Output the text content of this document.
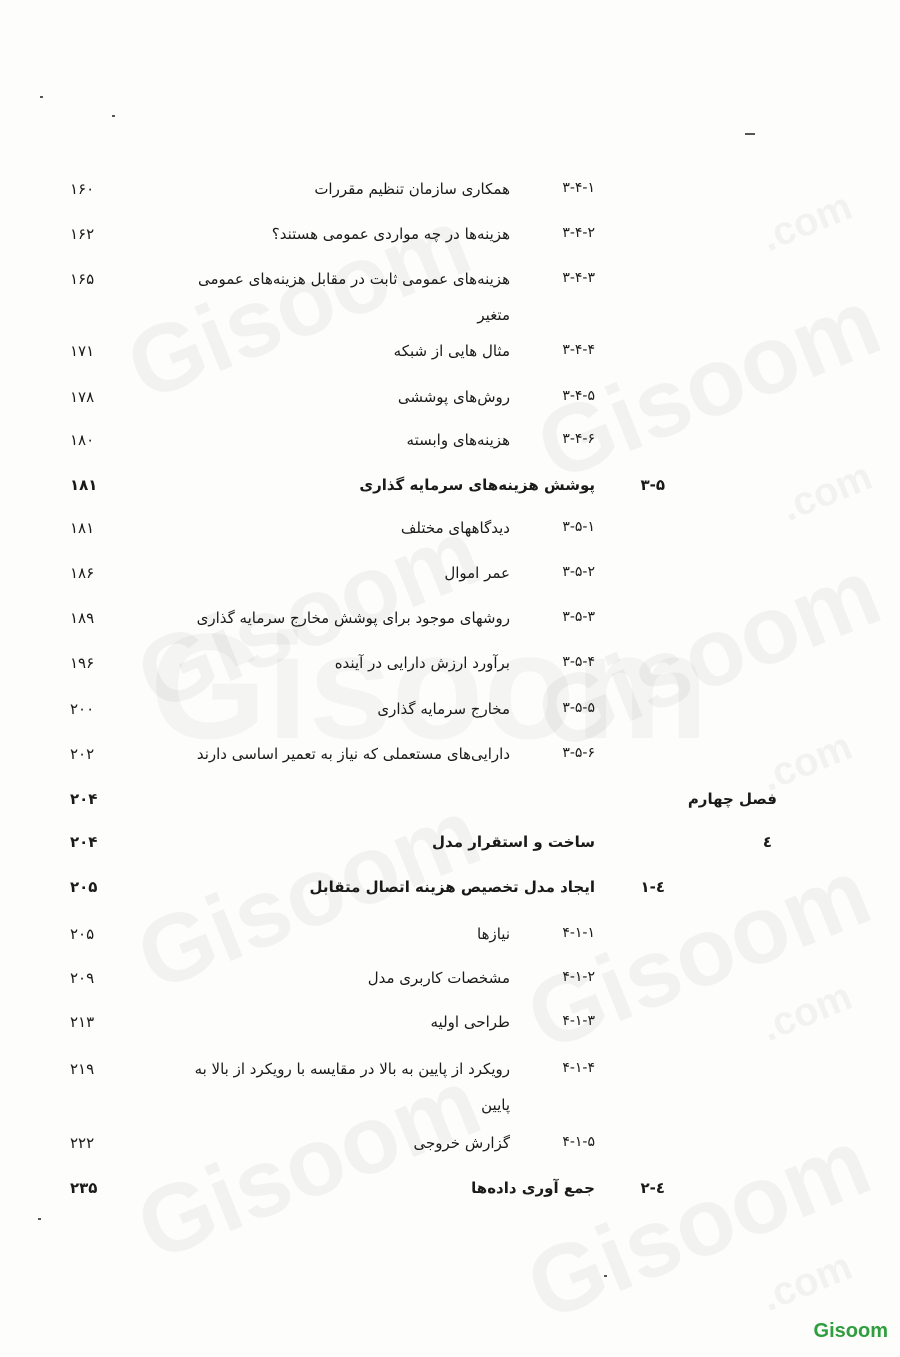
۱۶۰	همکاری سازمان تنظیم مقررات	۳-۴-۱
۱۶۲	هزینه‌ها در چه مواردی عمومی هستند؟	۳-۴-۲
۱۶۵	هزینه‌های عمومی ثابت در مقابل هزینه‌های عمومی	۳-۴-۳
متغیر
۱۷۱	مثال هایی از شبکه	۳-۴-۴
۱۷۸	روش‌های پوششی	۳-۴-۵
۱۸۰	هزینه‌های وابسته	۳-۴-۶
۱۸۱	پوشش هزینه‌های سرمایه گذاری	۳-۵
۱۸۱	دیدگاههای مختلف	۳-۵-۱
۱۸۶	عمر اموال	۳-۵-۲
۱۸۹	روشهای موجود برای پوشش مخارج سرمایه گذاری	۳-۵-۳
۱۹۶	برآورد ارزش دارایی در آینده	۳-۵-۴
۲۰۰	مخارج سرمایه گذاری	۳-۵-۵
۲۰۲	دارایی‌های مستعملی که نیاز به تعمیر اساسی دارند	۳-۵-۶
۲۰۴	فصل چهارم
۲۰۴	ساخت و استقرار مدل	٤
۲۰۵	ایجاد مدل تخصیص هزینه اتصال متقابل	٤-۱
۲۰۵	نیازها	۴-۱-۱
۲۰۹	مشخصات کاربری مدل	۴-۱-۲
۲۱۳	طراحی اولیه	۴-۱-۳
۲۱۹	رویکرد از پایین به بالا در مقایسه با رویکرد از بالا به	۴-۱-۴
پایین
۲۲۲	گزارش خروجی	۴-۱-۵
۲۳۵	جمع آوری داده‌ها	٤-۲
Gisoom
